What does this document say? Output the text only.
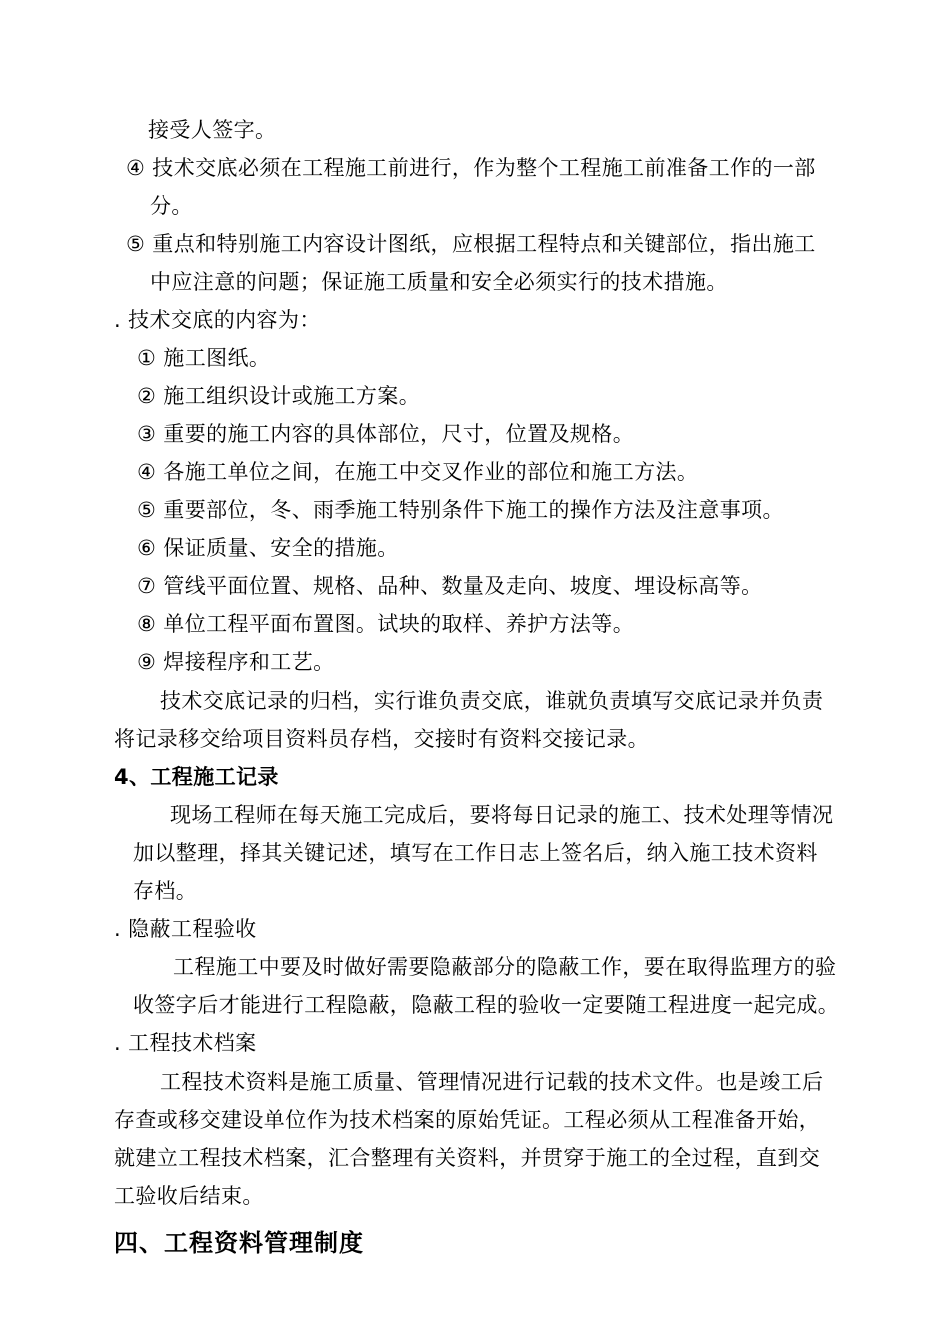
接受人签字。
④ 技术交底必须在工程施工前进行，作为整个工程施工前准备工作的一部
分。
⑤ 重点和特别施工内容设计图纸，应根据工程特点和关键部位，指出施工
中应注意的问题；保证施工质量和安全必须实行的技术措施。
. 技术交底的内容为：
① 施工图纸。
② 施工组织设计或施工方案。
③ 重要的施工内容的具体部位，尺寸，位置及规格。
④ 各施工单位之间，在施工中交叉作业的部位和施工方法。
⑤ 重要部位，冬、雨季施工特别条件下施工的操作方法及注意事项。
⑥ 保证质量、安全的措施。
⑦ 管线平面位置、规格、品种、数量及走向、坡度、埋设标高等。
⑧ 单位工程平面布置图。试块的取样、养护方法等。
⑨ 焊接程序和工艺。
技术交底记录的归档，实行谁负责交底，谁就负责填写交底记录并负责
将记录移交给项目资料员存档，交接时有资料交接记录。
4、工程施工记录
现场工程师在每天施工完成后，要将每日记录的施工、技术处理等情况
加以整理，择其关键记述，填写在工作日志上签名后，纳入施工技术资料
存档。
. 隐蔽工程验收
工程施工中要及时做好需要隐蔽部分的隐蔽工作，要在取得监理方的验
收签字后才能进行工程隐蔽，隐蔽工程的验收一定要随工程进度一起完成。
. 工程技术档案
工程技术资料是施工质量、管理情况进行记载的技术文件。也是竣工后
存查或移交建设单位作为技术档案的原始凭证。工程必须从工程准备开始，
就建立工程技术档案，汇合整理有关资料，并贯穿于施工的全过程，直到交
工验收后结束。
四、工程资料管理制度
